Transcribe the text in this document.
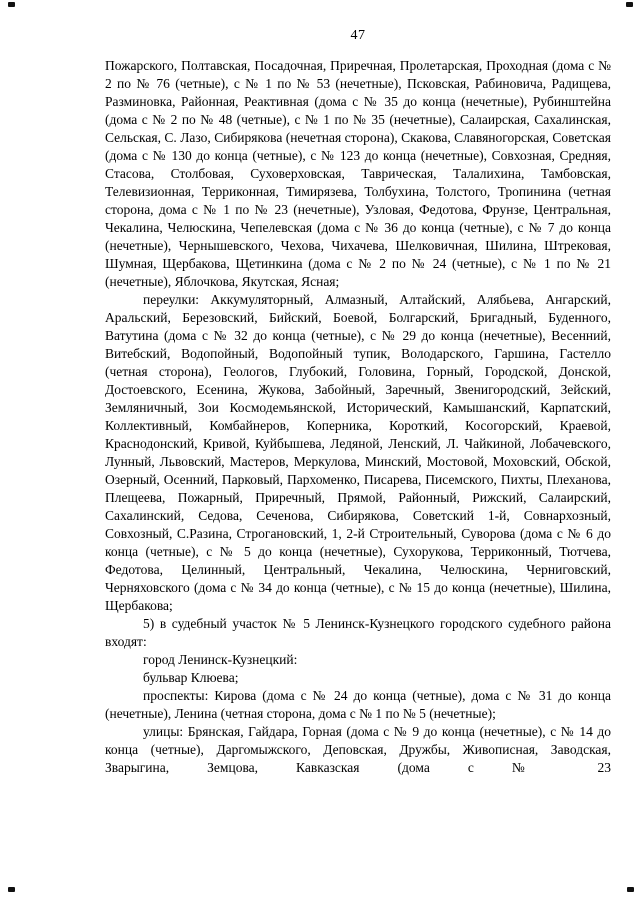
47

Пожарского, Полтавская, Посадочная, Приречная, Пролетарская, Проходная (дома с № 2 по № 76 (четные), с № 1 по № 53 (нечетные), Псковская, Рабиновича, Радищева, Разминовка, Районная, Реактивная (дома с № 35 до конца (нечетные), Рубинштейна (дома с № 2 по № 48 (четные), с № 1 по № 35 (нечетные), Салаирская, Сахалинская, Сельская, С. Лазо, Сибирякова (нечетная сторона), Скакова, Славяногорская, Советская (дома с № 130 до конца (четные), с № 123 до конца (нечетные), Совхозная, Средняя, Стасова, Столбовая, Суховерховская, Таврическая, Талалихина, Тамбовская, Телевизионная, Терриконная, Тимирязева, Толбухина, Толстого, Тропинина (четная сторона, дома с № 1 по № 23 (нечетные), Узловая, Федотова, Фрунзе, Центральная, Чекалина, Челюскина, Чепелевская (дома с № 36 до конца (четные), с № 7 до конца (нечетные), Чернышевского, Чехова, Чихачева, Шелковичная, Шилина, Штрековая, Шумная, Щербакова, Щетинкина (дома с № 2 по № 24 (четные), с № 1 по № 21 (нечетные), Яблочкова, Якутская, Ясная;

переулки: Аккумуляторный, Алмазный, Алтайский, Алябьева, Ангарский, Аральский, Березовский, Бийский, Боевой, Болгарский, Бригадный, Буденного, Ватутина (дома с № 32 до конца (четные), с № 29 до конца (нечетные), Весенний, Витебский, Водопойный, Водопойный тупик, Володарского, Гаршина, Гастелло (четная сторона), Геологов, Глубокий, Головина, Горный, Городской, Донской, Достоевского, Есенина, Жукова, Забойный, Заречный, Звенигородский, Зейский, Земляничный, Зои Космодемьянской, Исторический, Камышанский, Карпатский, Коллективный, Комбайнеров, Коперника, Короткий, Косогорский, Краевой, Краснодонский, Кривой, Куйбышева, Ледяной, Ленский, Л. Чайкиной, Лобачевского, Лунный, Львовский, Мастеров, Меркулова, Минский, Мостовой, Моховский, Обской, Озерный, Осенний, Парковый, Пархоменко, Писарева, Писемского, Пихты, Плеханова, Плещеева, Пожарный, Приречный, Прямой, Районный, Рижский, Салаирский, Сахалинский, Седова, Сеченова, Сибирякова, Советский 1-й, Совнархозный, Совхозный, С.Разина, Строгановский, 1, 2-й Строительный, Суворова (дома с № 6 до конца (четные), с № 5 до конца (нечетные), Сухорукова, Терриконный, Тютчева, Федотова, Целинный, Центральный, Чекалина, Челюскина, Черниговский, Черняховского (дома с № 34 до конца (четные), с № 15 до конца (нечетные), Шилина, Щербакова;

5) в судебный участок № 5 Ленинск-Кузнецкого городского судебного района входят:

город Ленинск-Кузнецкий:

бульвар Клюева;

проспекты: Кирова (дома с № 24 до конца (четные), дома с № 31 до конца (нечетные), Ленина (четная сторона, дома с № 1 по № 5 (нечетные);

улицы: Брянская, Гайдара, Горная (дома с № 9 до конца (нечетные), с № 14 до конца (четные), Даргомыжского, Деповская, Дружбы, Живописная, Заводская, Зварыгина, Земцова, Кавказская (дома с № 23
